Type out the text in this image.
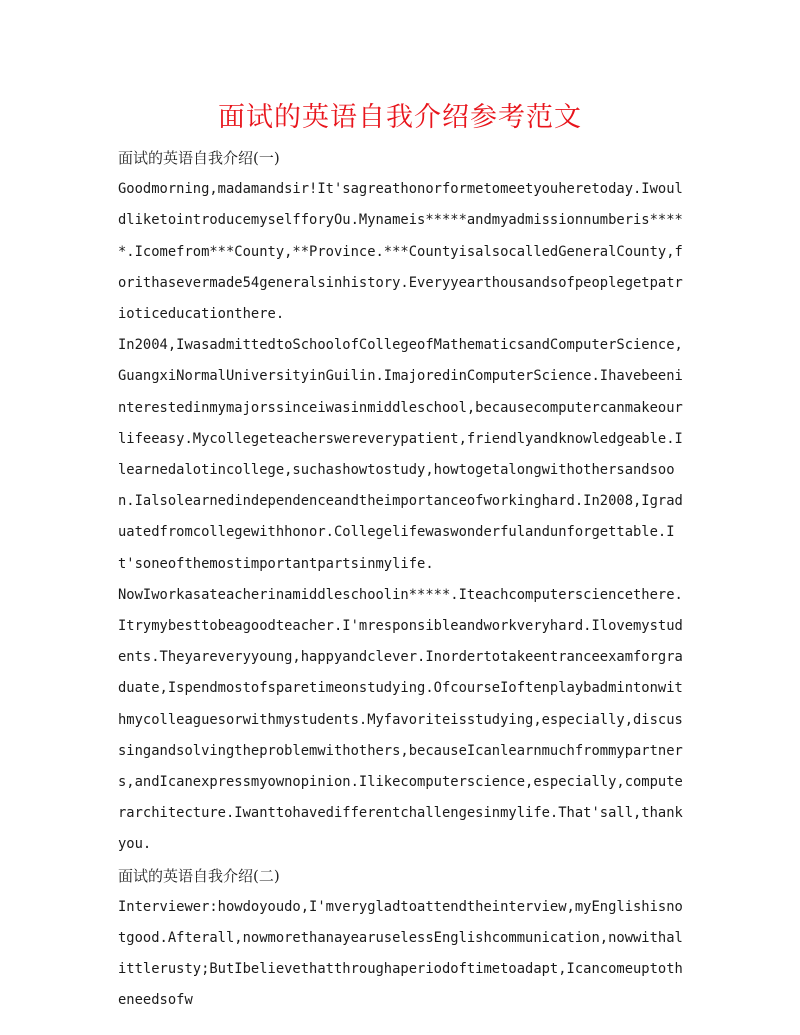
面试的英语自我介绍参考范文

面试的英语自我介绍(一)

Goodmorning,madamandsir!It'sagreathonorformetomeetyouheretoday.IwouldliketointroducemyselfforyOu.Mynameis*****andmyadmissionnumberis*****.Icomefrom***County,**Province.***CountyisalsocalledGeneralCounty,forithasevermade54generalsinhistory.Everyyearthousandsofpeoplegetpatrioticeducationthere.

In2004,IwasadmittedtoSchoolofCollegeofMathematicsandComputerScience,GuangxiNormalUniversityinGuilin.ImajoredinComputerScience.Ihavebeeninterestedinmymajorssinceiwasinmiddleschool,becausecomputercanmakeourlifeeasy.Mycollegeteacherswereverypatient,friendlyandknowledgeable.Ilearnedalotincollege,suchashowtostudy,howtogetalongwithothersandsoon.Ialsolearnedindependenceandtheimportanceofworkinghard.In2008,Igraduatedfromcollegewithhonor.Collegelifewaswonderfulandunforgettable.It'soneofthemostimportantpartsinmylife.

NowIworkasateacherinamiddleschoolin*****.Iteachcomputersciencethere.Itrymybesttobeagoodteacher.I'mresponsibleandworkveryhard.Ilovemystudents.Theyareveryyoung,happyandclever.Inordertotakeentranceexamforgraduate,Ispendmostofsparetimeonstudying.OfcourseIoftenplaybadmintonwithmycolleaguesorwithmystudents.Myfavoriteisstudying,especially,discussingandsolvingtheproblemwithothers,becauseIcanlearnmuchfrommypartners,andIcanexpressmyownopinion.Ilikecomputerscience,especially,computerarchitecture.Iwanttohavedifferentchallengesinmylife.That'sall,thankyou.

面试的英语自我介绍(二)

Interviewer:howdoyoudo,I'mverygladtoattendtheinterview,myEnglishisnotgood.Afterall,nowmorethanayearuselessEnglishcommunication,nowwithalittlerusty;ButIbelievethatthroughaperiodoftimetoadapt,Icancomeuptotheneedsofw
